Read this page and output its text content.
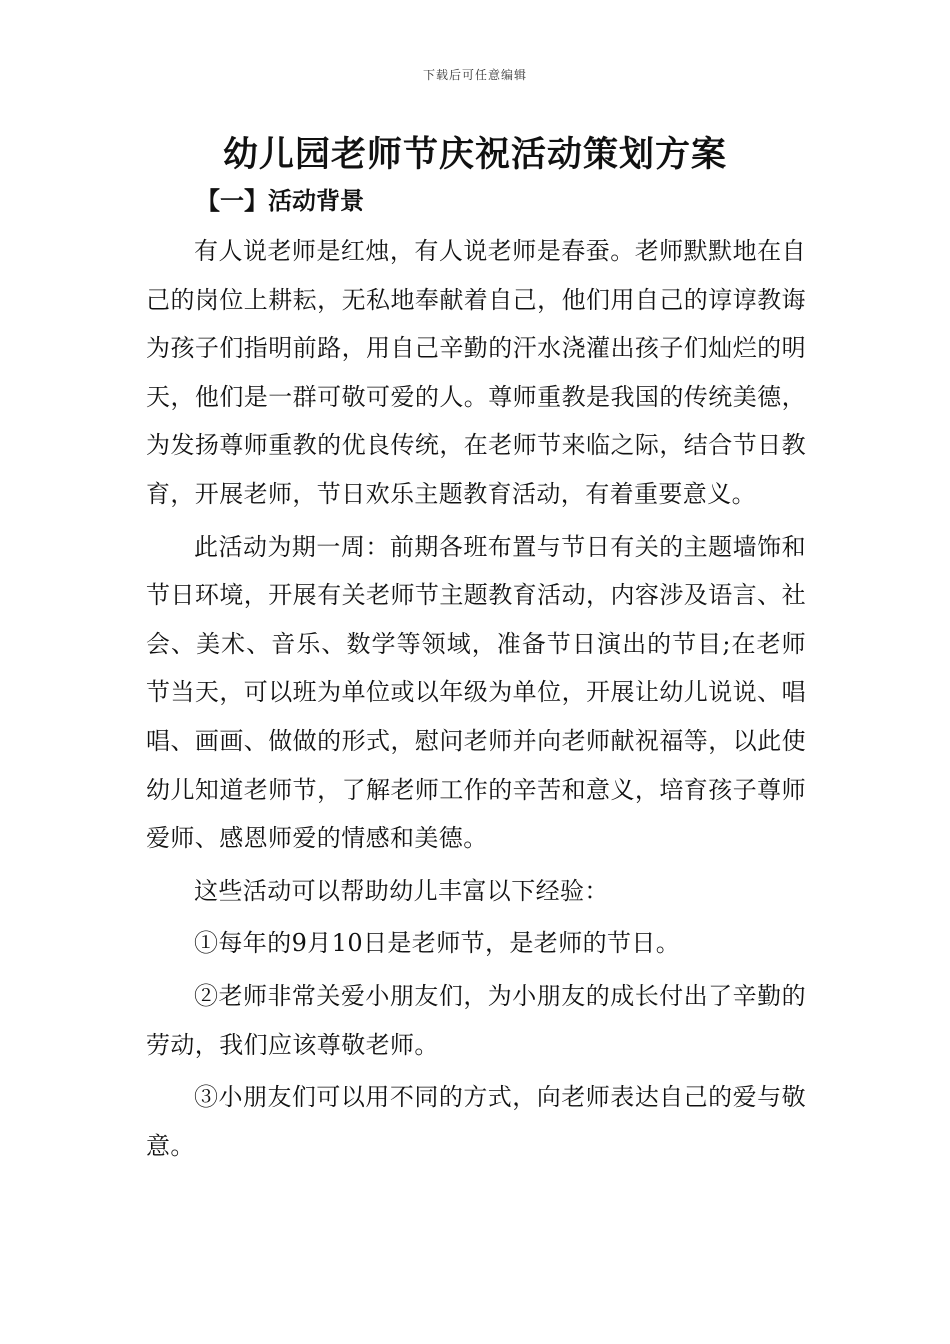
下载后可任意编辑
幼儿园老师节庆祝活动策划方案
【一】活动背景

有人说老师是红烛，有人说老师是春蚕。老师默默地在自己的岗位上耕耘，无私地奉献着自己，他们用自己的谆谆教诲为孩子们指明前路，用自己辛勤的汗水浇灌出孩子们灿烂的明天，他们是一群可敬可爱的人。尊师重教是我国的传统美德，为发扬尊师重教的优良传统，在老师节来临之际，结合节日教育，开展老师，节日欢乐主题教育活动，有着重要意义。

此活动为期一周：前期各班布置与节日有关的主题墙饰和节日环境，开展有关老师节主题教育活动，内容涉及语言、社会、美术、音乐、数学等领域，准备节日演出的节目;在老师节当天，可以班为单位或以年级为单位，开展让幼儿说说、唱唱、画画、做做的形式，慰问老师并向老师献祝福等，以此使幼儿知道老师节，了解老师工作的辛苦和意义，培育孩子尊师爱师、感恩师爱的情感和美德。

这些活动可以帮助幼儿丰富以下经验：

①每年的9月10日是老师节，是老师的节日。

②老师非常关爱小朋友们，为小朋友的成长付出了辛勤的劳动，我们应该尊敬老师。

③小朋友们可以用不同的方式，向老师表达自己的爱与敬意。
